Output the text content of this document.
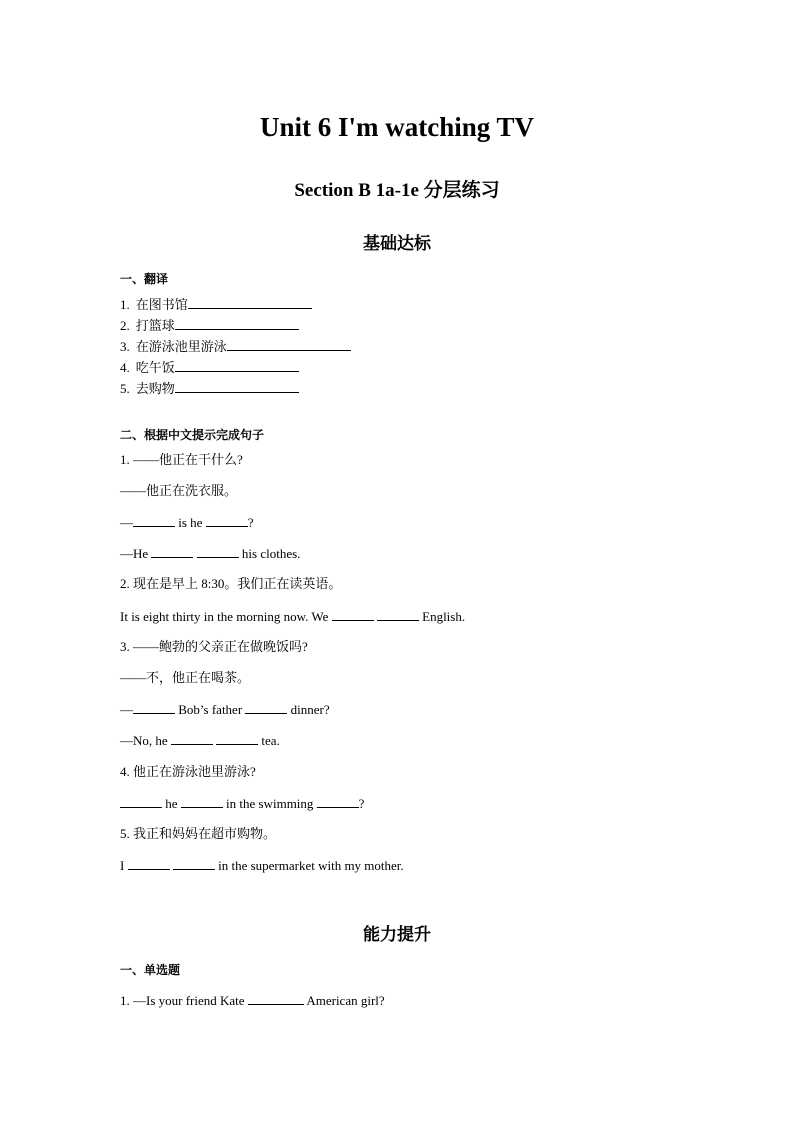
Unit 6 I'm watching TV
Section B 1a-1e 分层练习
基础达标
一、翻译
1. 在图书馆
2. 打篮球
3. 在游泳池里游泳
4. 吃午饭
5. 去购物
二、根据中文提示完成句子
1. ——他正在干什么?
——他正在洗衣服。
—	is he	?
—He	his clothes.
2. 现在是早上 8:30。我们正在读英语。
It is eight thirty in the morning now. We	English.
3. ——鲍勃的父亲正在做晚饭吗?
——不，他正在喝茶。
—	Bob’s father	dinner?
—No, he	tea.
4. 他正在游泳池里游泳?
he	in the swimming	?
5. 我正和妈妈在超市购物。
I	in the supermarket with my mother.
能力提升
一、单选题
1. —Is your friend Kate	American girl?
